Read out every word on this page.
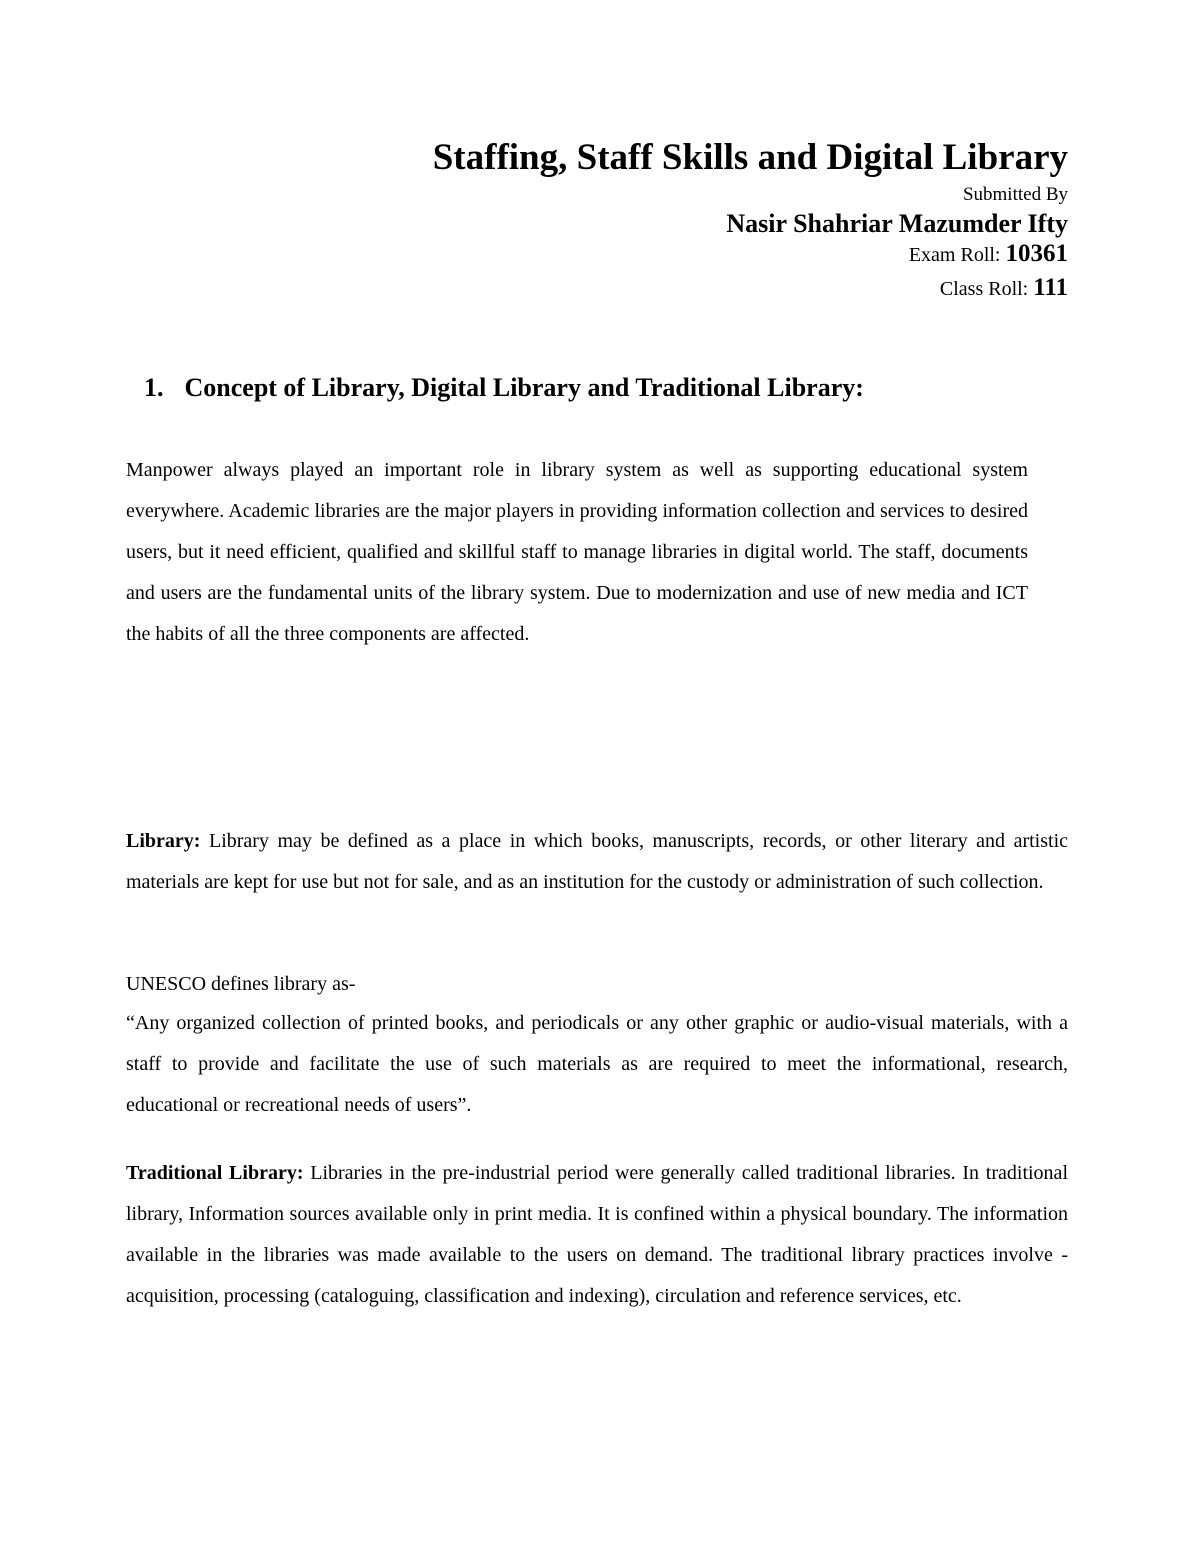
Staffing, Staff Skills and Digital Library
Submitted By
Nasir Shahriar Mazumder Ifty
Exam Roll: 10361
Class Roll: 111
1. Concept of Library, Digital Library and Traditional Library:
Manpower always played an important role in library system as well as supporting educational system everywhere. Academic libraries are the major players in providing information collection and services to desired users, but it need efficient, qualified and skillful staff to manage libraries in digital world. The staff, documents and users are the fundamental units of the library system. Due to modernization and use of new media and ICT the habits of all the three components are affected.
Library: Library may be defined as a place in which books, manuscripts, records, or other literary and artistic materials are kept for use but not for sale, and as an institution for the custody or administration of such collection.
UNESCO defines library as-
“Any organized collection of printed books, and periodicals or any other graphic or audio-visual materials, with a staff to provide and facilitate the use of such materials as are required to meet the informational, research, educational or recreational needs of users”.
Traditional Library: Libraries in the pre-industrial period were generally called traditional libraries. In traditional library, Information sources available only in print media. It is confined within a physical boundary. The information available in the libraries was made available to the users on demand. The traditional library practices involve - acquisition, processing (cataloguing, classification and indexing), circulation and reference services, etc.
